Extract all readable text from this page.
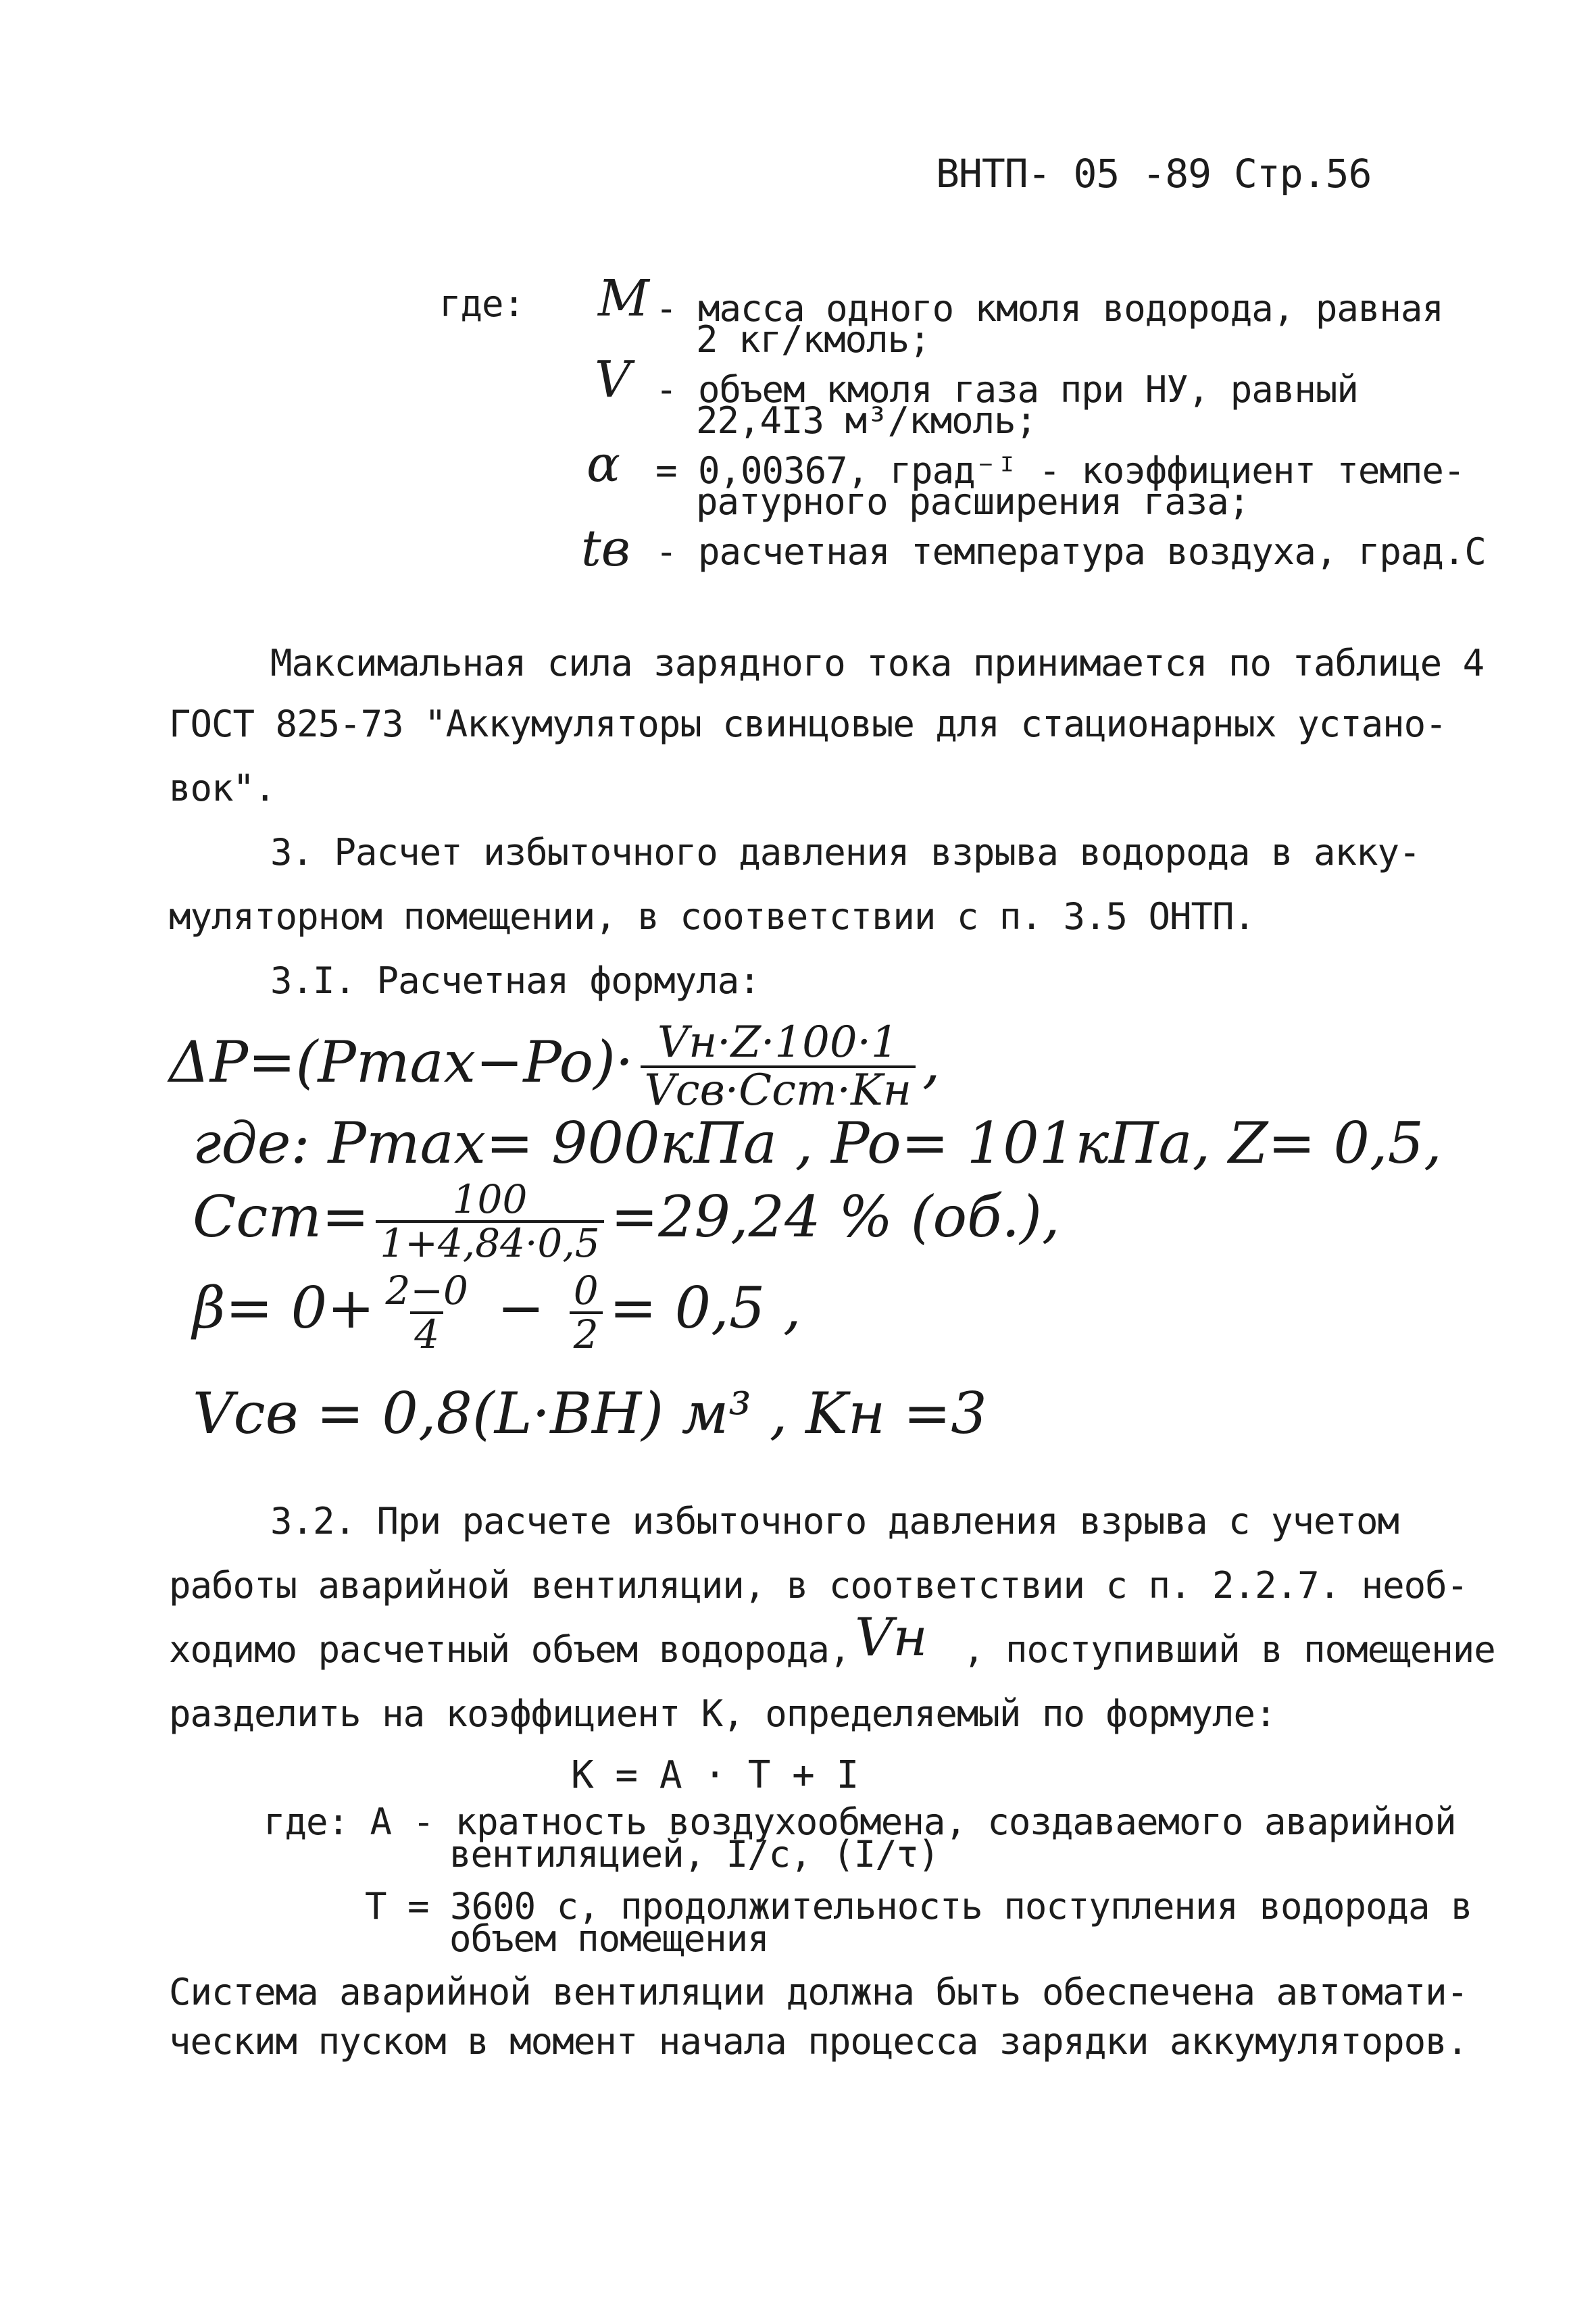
ВНТП- 05 -89 Стр.56
где: M - масса одного кмоля водорода, равная
2 кг/кмоль;
V - объем кмоля газа при НУ, равный
22,4I3 м³/кмоль;
α = 0,00367, град⁻ᴵ - коэффициент темпе-
ратурного расширения газа;
tв - расчетная температура воздуха, град.С
Максимальная сила зарядного тока принимается по таблице 4
ГОСТ 825-73 "Аккумуляторы свинцовые для стационарных устано-
вок".
3. Расчет избыточного давления взрыва водорода в акку-
муляторном помещении, в соответствии с п. 3.5 ОНТП.
3.I. Расчетная формула:
$\Delta P=(Pmax-Po)\cdot \frac{Vн\cdot Z\cdot 100\cdot 1}{\text{Vсв·Cст·Kн}}$ ,
где: Pmax= 900кПа , Po= 101кПа, Z= 0,5,
$Cст= \frac{100}{1+4,84\cdot 0,5} =29,24$ % (об.),
$\beta= 0+ \frac{2-0}{4} - \frac{0}{2} = 0,5$ ,
Vсв = 0,8(L·BH) м³ , Kн =3
3.2. При расчете избыточного давления взрыва с учетом
работы аварийной вентиляции, в соответствии с п. 2.2.7. необ-
ходимо расчетный объем водорода, Vн , поступивший в помещение
разделить на коэффициент К, определяемый по формуле:
К = А · Т + I
где: А - кратность воздухообмена, создаваемого аварийной
вентиляцией, I/с, (I/τ)
Т = 3600 с, продолжительность поступления водорода в
объем помещения
Система аварийной вентиляции должна быть обеспечена автомати-
ческим пуском в момент начала процесса зарядки аккумуляторов.
